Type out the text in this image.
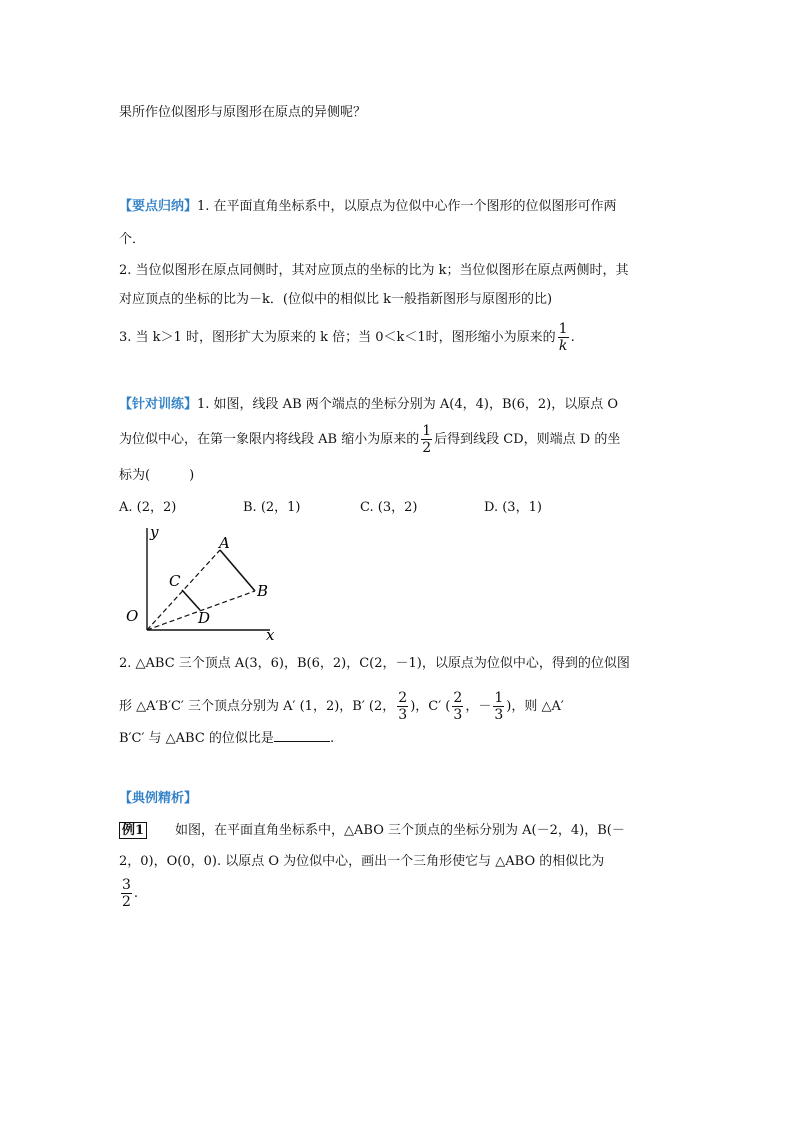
果所作位似图形与原图形在原点的异侧呢？
【要点归纳】1. 在平面直角坐标系中，以原点为位似中心作一个图形的位似图形可作两
个．
2. 当位似图形在原点同侧时，其对应顶点的坐标的比为 k；当位似图形在原点两侧时，其
对应顶点的坐标的比为－k．(位似中的相似比 k一般指新图形与原图形的比)
3. 当 k＞1 时，图形扩大为原来的 k 倍；当 0＜k＜1时，图形缩小为原来的 $\frac{1}{k}$ .
【针对训练】1. 如图，线段 AB 两个端点的坐标分别为 A(4，4)，B(6，2)，以原点 O
为位似中心，在第一象限内将线段 AB 缩小为原来的 $\frac{1}{2}$ 后得到线段 CD，则端点 D 的坐
标为(　　　)
A. (2，2)	B. (2，1)	C. (3，2)	D. (3，1)
y
x
O
A
B
C
D
2. △ABC 三个顶点 A(3，6)，B(6，2)，C(2，－1)，以原点为位似中心，得到的位似图
形 △A′B′C′ 三个顶点分别为 A′ (1，2)，B′ (2， $\frac{2}{3}$ )，C′ ( $\frac{2}{3}$ ，－ $\frac{1}{3}$ )，则 △A′
B′C′ 与 △ABC 的位似比是	.
【典例精析】
例1 如图，在平面直角坐标系中，△ABO 三个顶点的坐标分别为 A(－2，4)，B(－
2，0)，O(0，0). 以原点 O 为位似中心，画出一个三角形使它与 △ABO 的相似比为
$\frac{3}{2}$ .
